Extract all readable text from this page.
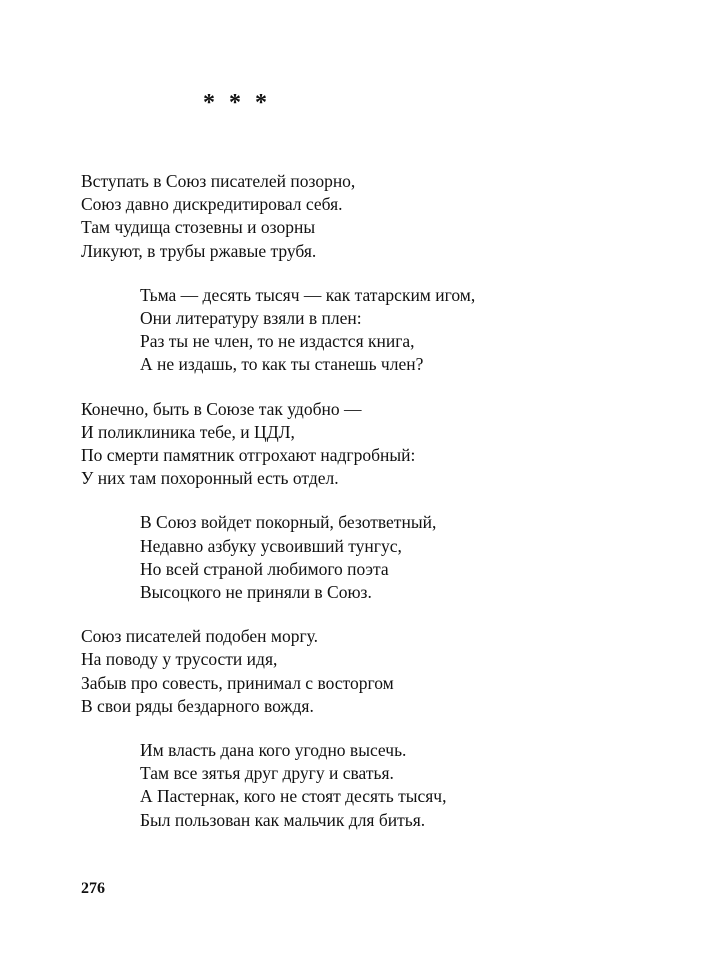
* * *
Вступать в Союз писателей позорно,
Союз давно дискредитировал себя.
Там чудища стозевны и озорны
Ликуют, в трубы ржавые трубя.
Тьма — десять тысяч — как татарским игом,
Они литературу взяли в плен:
Раз ты не член, то не издастся книга,
А не издашь, то как ты станешь член?
Конечно, быть в Союзе так удобно —
И поликлиника тебе, и ЦДЛ,
По смерти памятник отгрохают надгробный:
У них там похоронный есть отдел.
В Союз войдет покорный, безответный,
Недавно азбуку усвоивший тунгус,
Но всей страной любимого поэта
Высоцкого не приняли в Союз.
Союз писателей подобен моргу.
На поводу у трусости идя,
Забыв про совесть, принимал с восторгом
В свои ряды бездарного вождя.
Им власть дана кого угодно высечь.
Там все зятья друг другу и сватья.
А Пастернак, кого не стоят десять тысяч,
Был пользован как мальчик для битья.
276
